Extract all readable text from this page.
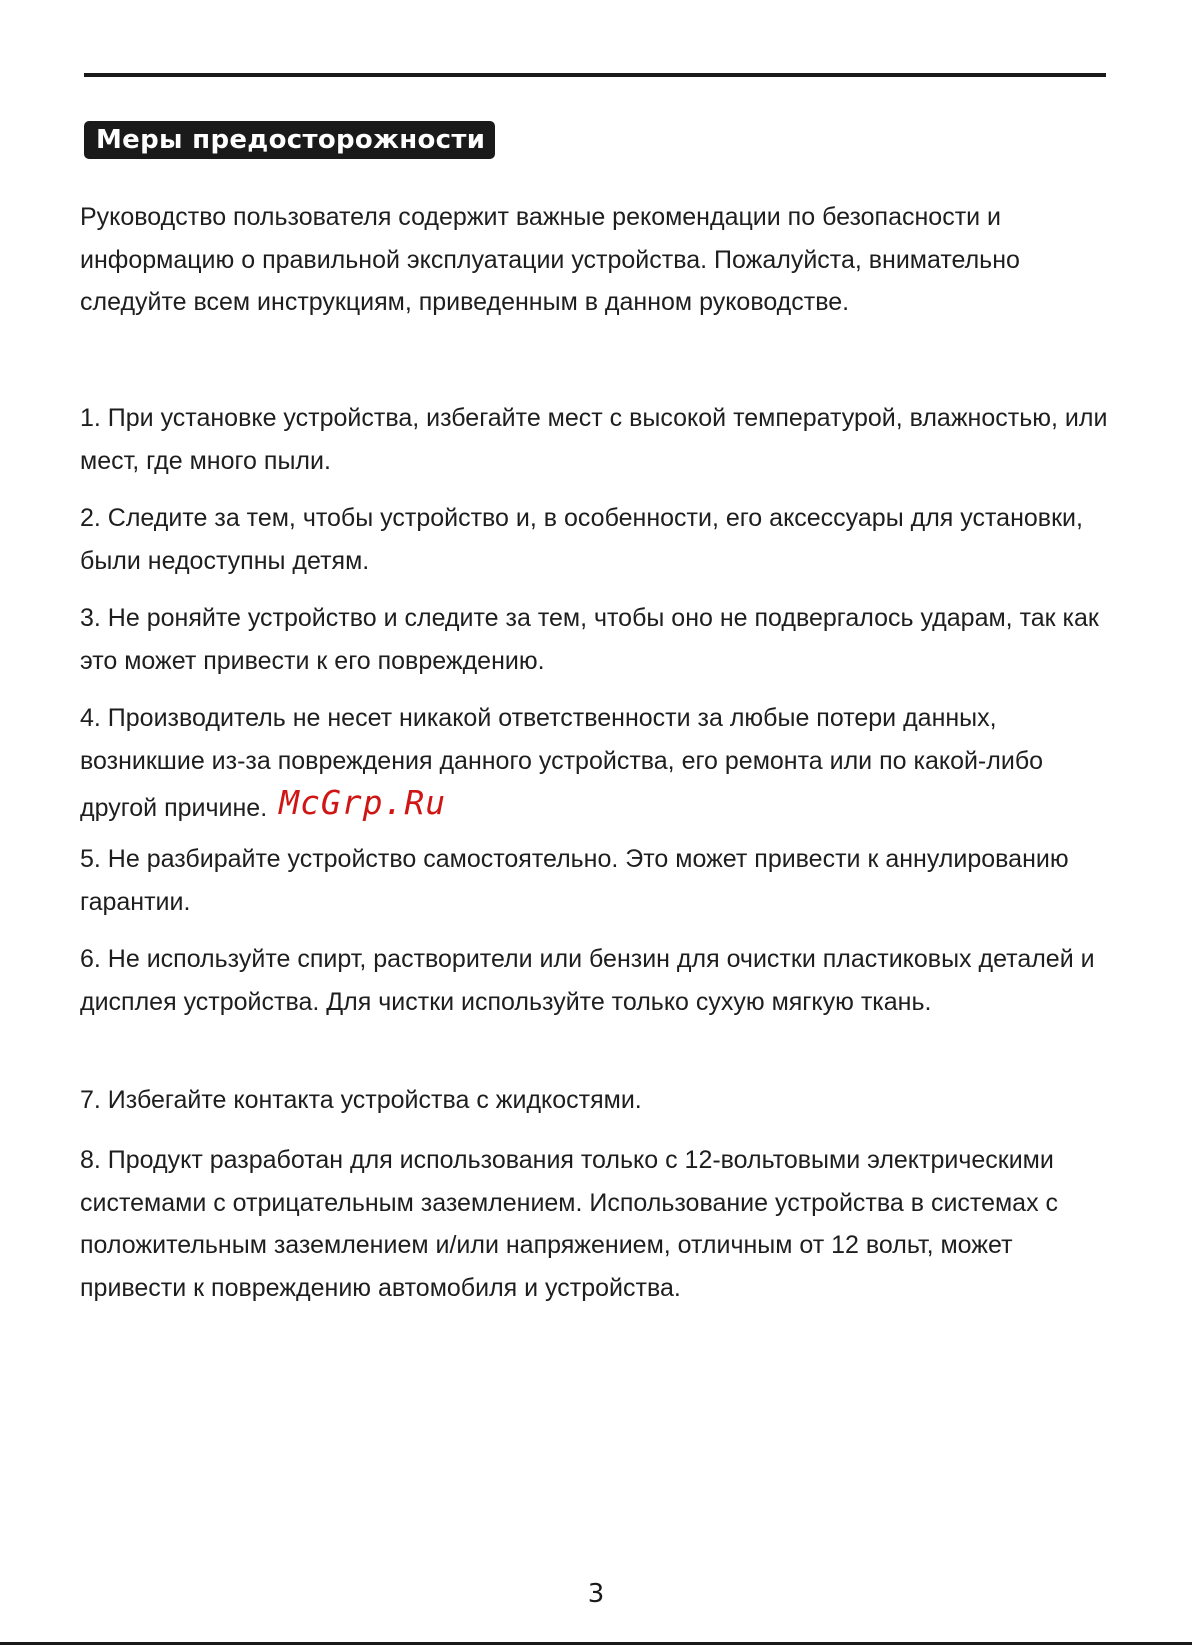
Меры предосторожности

Руководство пользователя содержит важные рекомендации по безопасности и информацию о правильной эксплуатации устройства. Пожалуйста, внимательно следуйте всем инструкциям, приведенным в данном руководстве.

1. При установке устройства, избегайте мест с высокой температурой, влажностью, или мест, где много пыли.

2. Следите за тем, чтобы устройство и, в особенности, его аксессуары для установки, были недоступны детям.

3. Не роняйте устройство и следите за тем, чтобы оно не подвергалось ударам, так как это может привести к его повреждению.

4. Производитель не несет никакой ответственности за любые потери данных, возникшие из-за повреждения данного устройства, его ремонта или по какой-либо другой причине. McGrp.Ru

5. Не разбирайте устройство самостоятельно. Это может привести к аннулированию гарантии.

6. Не используйте спирт, растворители или бензин для очистки пластиковых деталей и дисплея устройства. Для чистки используйте только сухую мягкую ткань.

7. Избегайте контакта устройства с жидкостями.

8. Продукт разработан для использования только с 12-вольтовыми электрическими системами с отрицательным заземлением. Использование устройства в системах с положительным заземлением и/или напряжением, отличным от 12 вольт, может привести к повреждению автомобиля и устройства.

3
